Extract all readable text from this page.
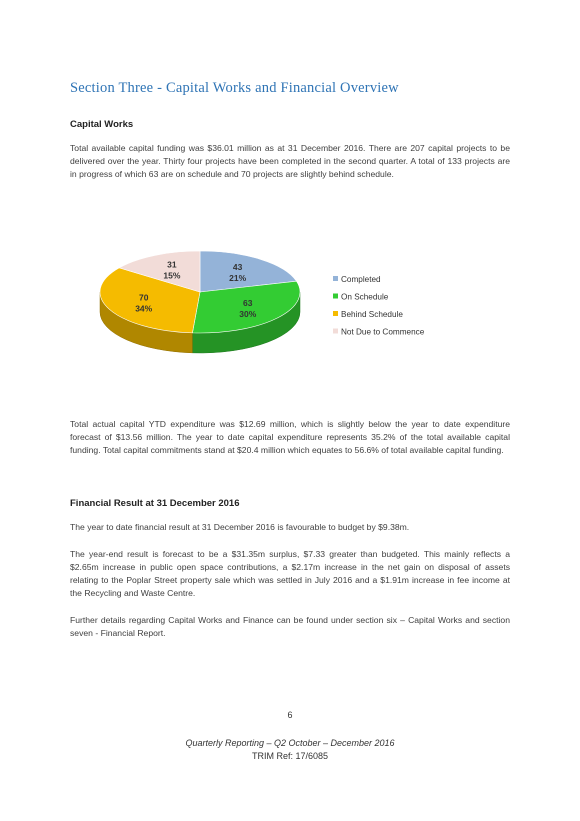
Section Three - Capital Works and Financial Overview
Capital Works

Total available capital funding was $36.01 million as at 31 December 2016. There are 207 capital projects to be delivered over the year. Thirty four projects have been completed in the second quarter. A total of 133 projects are in progress of which 63 are on schedule and 70 projects are slightly behind schedule.

43
21%
63
30%
70
34%
31
15%	Completed
On Schedule
Behind Schedule
Not Due to Commence

Total actual capital YTD expenditure was $12.69 million, which is slightly below the year to date expenditure forecast of $13.56 million. The year to date capital expenditure represents 35.2% of the total available capital funding. Total capital commitments stand at $20.4 million which equates to 56.6% of total available capital funding.

Financial Result at 31 December 2016

The year to date financial result at 31 December 2016 is favourable to budget by $9.38m.

The year-end result is forecast to be a $31.35m surplus, $7.33 greater than budgeted. This mainly reflects a $2.65m increase in public open space contributions, a $2.17m increase in the net gain on disposal of assets relating to the Poplar Street property sale which was settled in July 2016 and a $1.91m increase in fee income at the Recycling and Waste Centre.

Further details regarding Capital Works and Finance can be found under section six – Capital Works and section seven - Financial Report.

6
Quarterly Reporting – Q2 October – December 2016
TRIM Ref: 17/6085
